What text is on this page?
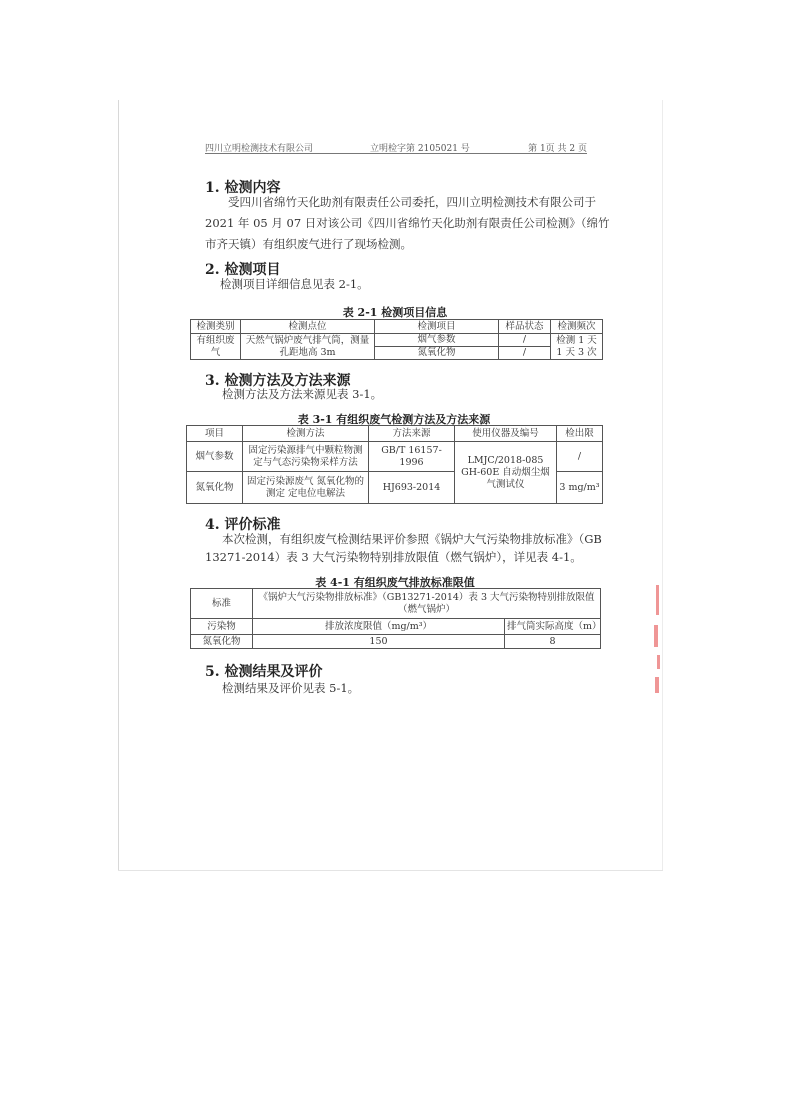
四川立明检测技术有限公司	立明检字第 2105021 号	第 1页 共 2 页
1. 检测内容
受四川省绵竹天化助剂有限责任公司委托，四川立明检测技术有限公司于
2021 年 05 月 07 日对该公司《四川省绵竹天化助剂有限责任公司检测》（绵竹
市齐天镇）有组织废气进行了现场检测。
2. 检测项目
检测项目详细信息见表 2-1。
表 2-1 检测项目信息
检测类别	检测点位	检测项目	样品状态	检测频次
有组织废气	天然气锅炉废气排气筒，测量孔距地高 3m	烟气参数	/	检测 1 天 1 天 3 次
		氮氧化物	/	
3. 检测方法及方法来源
检测方法及方法来源见表 3-1。
表 3-1 有组织废气检测方法及方法来源
项目	检测方法	方法来源	使用仪器及编号	检出限
烟气参数	固定污染源排气中颗粒物测定与气态污染物采样方法	GB/T 16157-1996	LMJC/2018-085 GH-60E 自动烟尘烟气测试仪	/
氮氧化物	固定污染源废气 氮氧化物的测定 定电位电解法	HJ693-2014		3 mg/m³
4. 评价标准
本次检测，有组织废气检测结果评价参照《锅炉大气污染物排放标准》（GB
13271-2014）表 3 大气污染物特别排放限值（燃气锅炉），详见表 4-1。
表 4-1 有组织废气排放标准限值
标准	《锅炉大气污染物排放标准》（GB13271-2014）表 3 大气污染物特别排放限值（燃气锅炉）	
污染物	排放浓度限值（mg/m³）	排气筒实际高度（m）
氮氧化物	150	8
5. 检测结果及评价
检测结果及评价见表 5-1。
